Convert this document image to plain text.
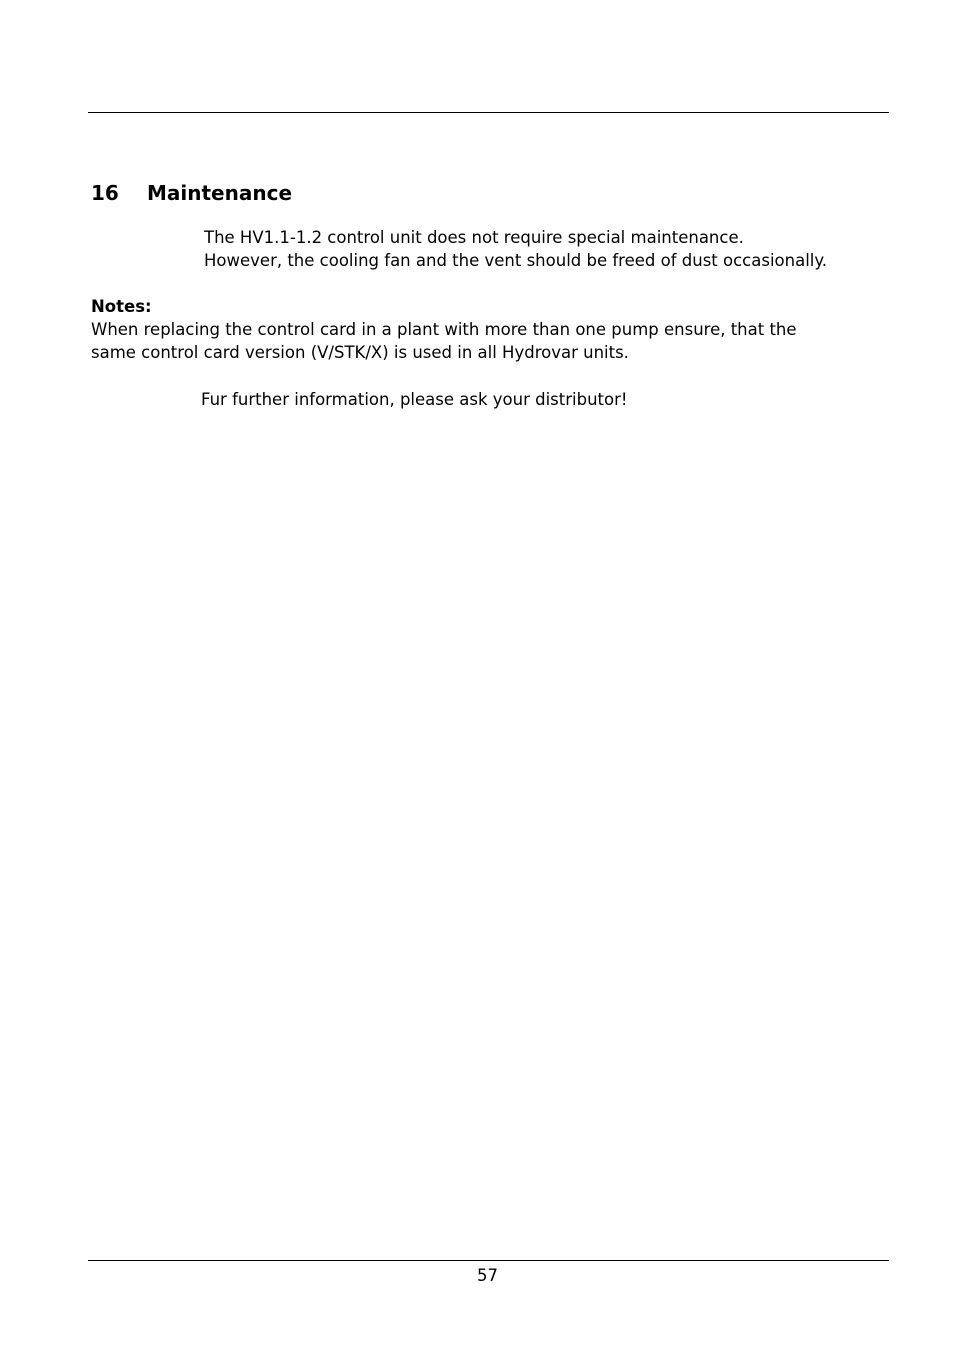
16 Maintenance
The HV1.1-1.2 control unit does not require special maintenance.
However, the cooling fan and the vent should be freed of dust occasionally.
Notes:
When replacing the control card in a plant with more than one pump ensure, that the
same control card version (V/STK/X) is used in all Hydrovar units.
Fur further information, please ask your distributor!
57
